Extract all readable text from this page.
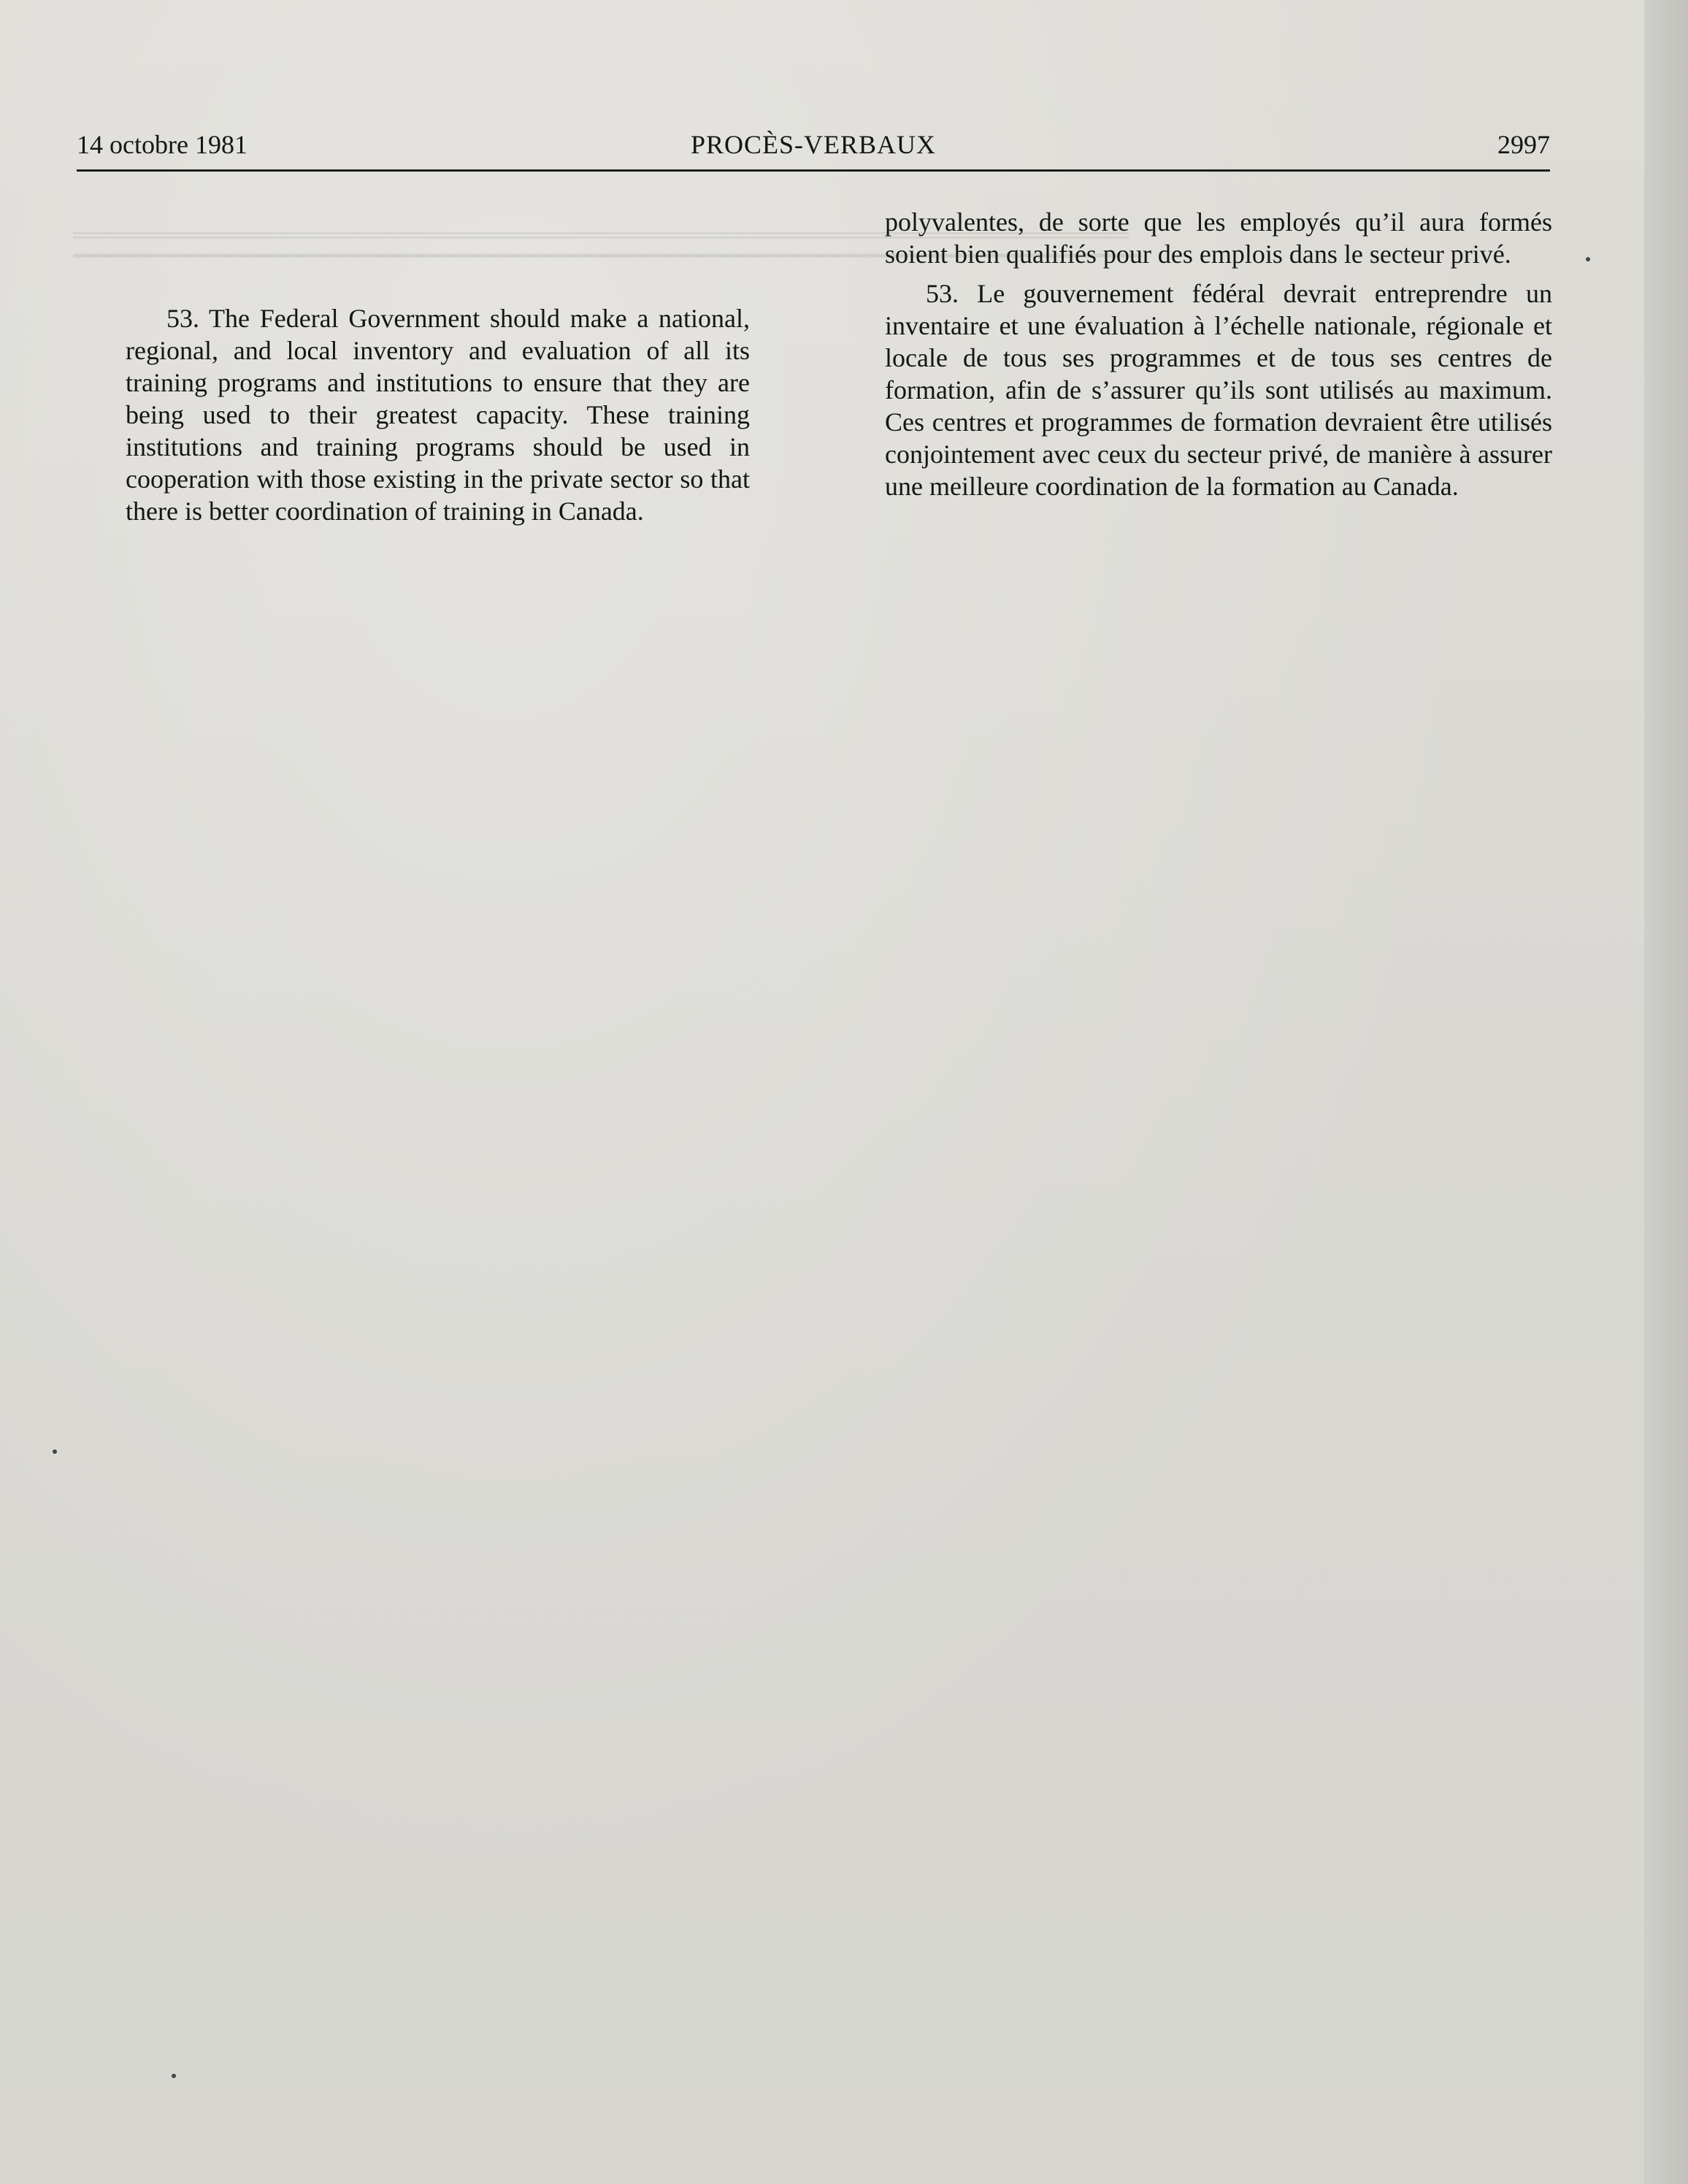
════════════════════════════════════════════════════════════
▁▁▁▁▁▁▁▁▁▁▁▁▁▁▁▁▁▁▁▁▁▁▁▁▁▁▁▁▁▁▁▁▁▁▁▁▁▁▁▁▁▁▁▁▁▁▁▁▁▁▁▁▁▁▁▁
14 octobre 1981	PROCÈS-VERBAUX	2997

53. The Federal Government should make a national, regional, and local inventory and evaluation of all its training programs and institutions to ensure that they are being used to their greatest capacity. These training institutions and training programs should be used in cooperation with those existing in the private sector so that there is better coordination of training in Canada.

polyvalentes, de sorte que les employés qu’il aura formés soient bien qualifiés pour des emplois dans le secteur privé.

53. Le gouvernement fédéral devrait entreprendre un inventaire et une évaluation à l’échelle nationale, régionale et locale de tous ses programmes et de tous ses centres de formation, afin de s’assurer qu’ils sont utilisés au maximum. Ces centres et programmes de formation devraient être utilisés conjointement avec ceux du secteur privé, de manière à assurer une meilleure coordination de la formation au Canada.
